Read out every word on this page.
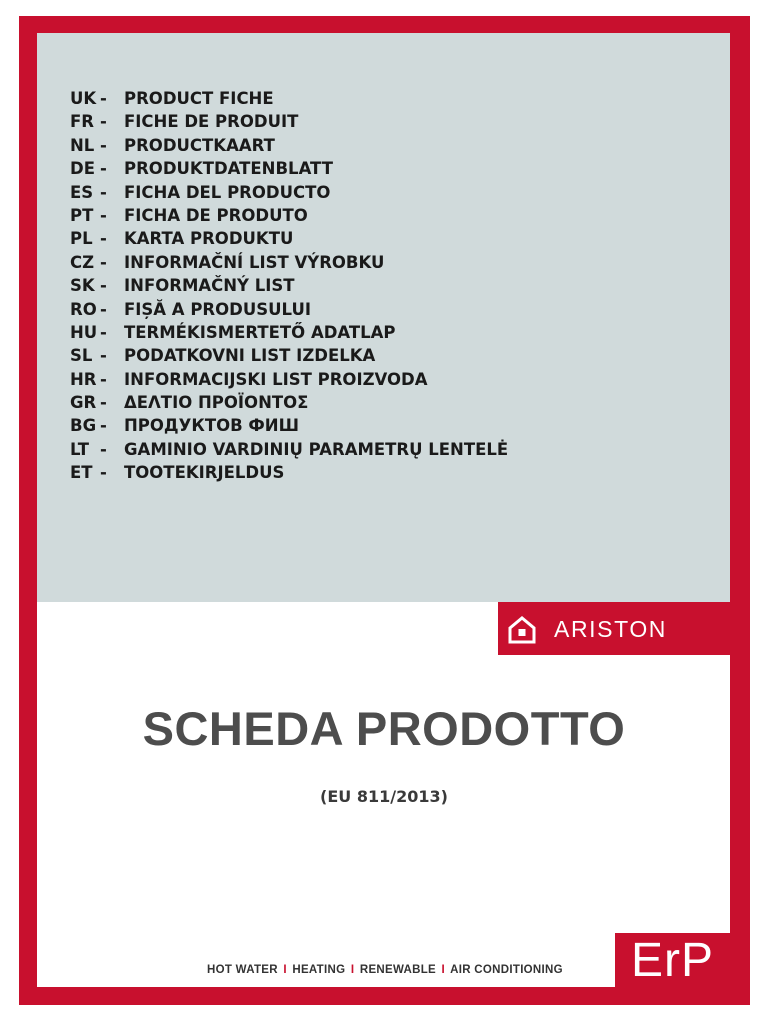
UK - PRODUCT FICHE
FR - FICHE DE PRODUIT
NL - PRODUCTKAART
DE - PRODUKTDATENBLATT
ES - FICHA DEL PRODUCTO
PT - FICHA DE PRODUTO
PL - KARTA PRODUKTU
CZ - INFORMAČNÍ LIST VÝROBKU
SK - INFORMAČNÝ LIST
RO - FIȘĂ A PRODUSULUI
HU - TERMÉKISMERTETŐ ADATLAP
SL - PODATKOVNI LIST IZDELKA
HR - INFORMACIJSKI LIST PROIZVODA
GR - ΔΕΛΤΙΟ ΠΡΟΪΟΝΤΟΣ
BG - ПРОДУКТОВ ФИШ
LT - GAMINIO VARDINIŲ PARAMETRŲ LENTELĖ
ET - TOOTEKIRJELDUS
ARISTON
SCHEDA PRODOTTO
(EU 811/2013)
HOT WATER I HEATING I RENEWABLE I AIR CONDITIONING	ErP
